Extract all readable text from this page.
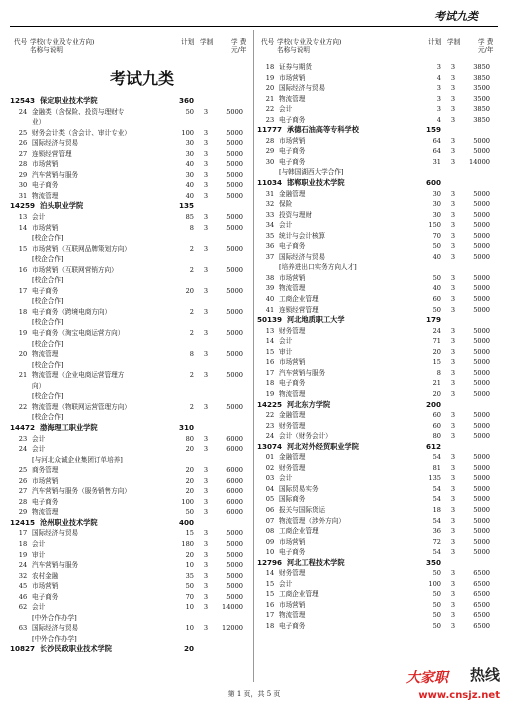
考试九类
代号 学校(专业及专业方向)
名称与说明
计划 学制	学 费
元/年
考试九类
12543 保定职业技术学院	360
24 金融类（含保险、投资与理财专	50	3	5000
业）
25 财务会计类（含会计、审计专业）	100	3	5000
26 国际经济与贸易	30	3	5000
27 连锁经营管理	30	3	5000
28 市场营销	40	3	5000
29 汽车营销与服务	30	3	5000
30 电子商务	40	3	5000
31 物流管理	40	3	5000
14259 泊头职业学院	135
13 会计	85	3	5000
14 市场营销	8	3	5000
[校企合作]
15 市场营销（互联网品牌策划方向）	2	3	5000
[校企合作]
16 市场营销（互联网营销方向）	2	3	5000
[校企合作]
17 电子商务	20	3	5000
[校企合作]
18 电子商务（跨境电商方向）	2	3	5000
[校企合作]
19 电子商务（淘宝电商运营方向）	2	3	5000
[校企合作]
20 物流管理	8	3	5000
[校企合作]
21 物流管理（企业电商运营管理方	2	3	5000
向）
[校企合作]
22 物流管理（物联网运营管理方向）	2	3	5000
[校企合作]
14472 渤海理工职业学院	310
23 会计	80	3	6000
24 会计	20	3	6000
[与河北众诚企业集团订单培养]
25 商务管理	20	3	6000
26 市场营销	20	3	6000
27 汽车营销与服务（服务销售方向）	20	3	6000
28 电子商务	100	3	6000
29 物流管理	50	3	6000
12415 沧州职业技术学院	400
17 国际经济与贸易	15	3	5000
18 会计	180	3	5000
19 审计	20	3	5000
24 汽车营销与服务	10	3	5000
32 农村金融	35	3	5000
45 市场营销	50	3	5000
46 电子商务	70	3	5000
62 会计	10	3	14000
[中外合作办学]
63 国际经济与贸易	10	3	12000
[中外合作办学]
10827 长沙民政职业技术学院	20
代号 学校(专业及专业方向)
名称与说明
计划 学制	学 费
元/年
18 证券与期货	3	3	3850
19 市场营销	4	3	3850
20 国际经济与贸易	3	3	3500
21 物流管理	3	3	3500
22 会计	3	3	3850
23 电子商务	4	3	3850
11777 承德石油高等专科学校	159
28 市场营销	64	3	5000
29 电子商务	64	3	5000
30 电子商务	31	3	14000
[与韩国湖西大学合作]
11034 邯郸职业技术学院	600
31 金融管理	30	3	5000
32 保险	30	3	5000
33 投资与理财	30	3	5000
34 会计	150	3	5000
35 统计与会计核算	70	3	5000
36 电子商务	50	3	5000
37 国际经济与贸易	40	3	5000
[培养进出口实务方向人才]
38 市场营销	50	3	5000
39 物流管理	40	3	5000
40 工商企业管理	60	3	5000
41 连锁经营管理	50	3	5000
50139 河北地质职工大学	179
13 财务管理	24	3	5000
14 会计	71	3	5000
15 审计	20	3	5000
16 市场营销	15	3	5000
17 汽车营销与服务	8	3	5000
18 电子商务	21	3	5000
19 物流管理	20	3	5000
14225 河北东方学院	200
22 金融管理	60	3	5000
23 财务管理	60	3	5000
24 会计（财务会计）	80	3	5000
13074 河北对外经贸职业学院	612
01 金融管理	54	3	5000
02 财务管理	81	3	5000
03 会计	135	3	5000
04 国际贸易实务	54	3	5000
05 国际商务	54	3	5000
06 报关与国际货运	18	3	5000
07 物流管理（涉外方向）	54	3	5000
08 工商企业管理	36	3	5000
09 市场营销	72	3	5000
10 电子商务	54	3	5000
12796 河北工程技术学院	350
14 财务管理	50	3	6500
15 会计	100	3	6500
15 工商企业管理	50	3	6500
16 市场营销	50	3	6500
17 物流管理	50	3	6500
18 电子商务	50	3	6500
第 1 页，共 5 页
大家职 热线
www.cnsjz.net
